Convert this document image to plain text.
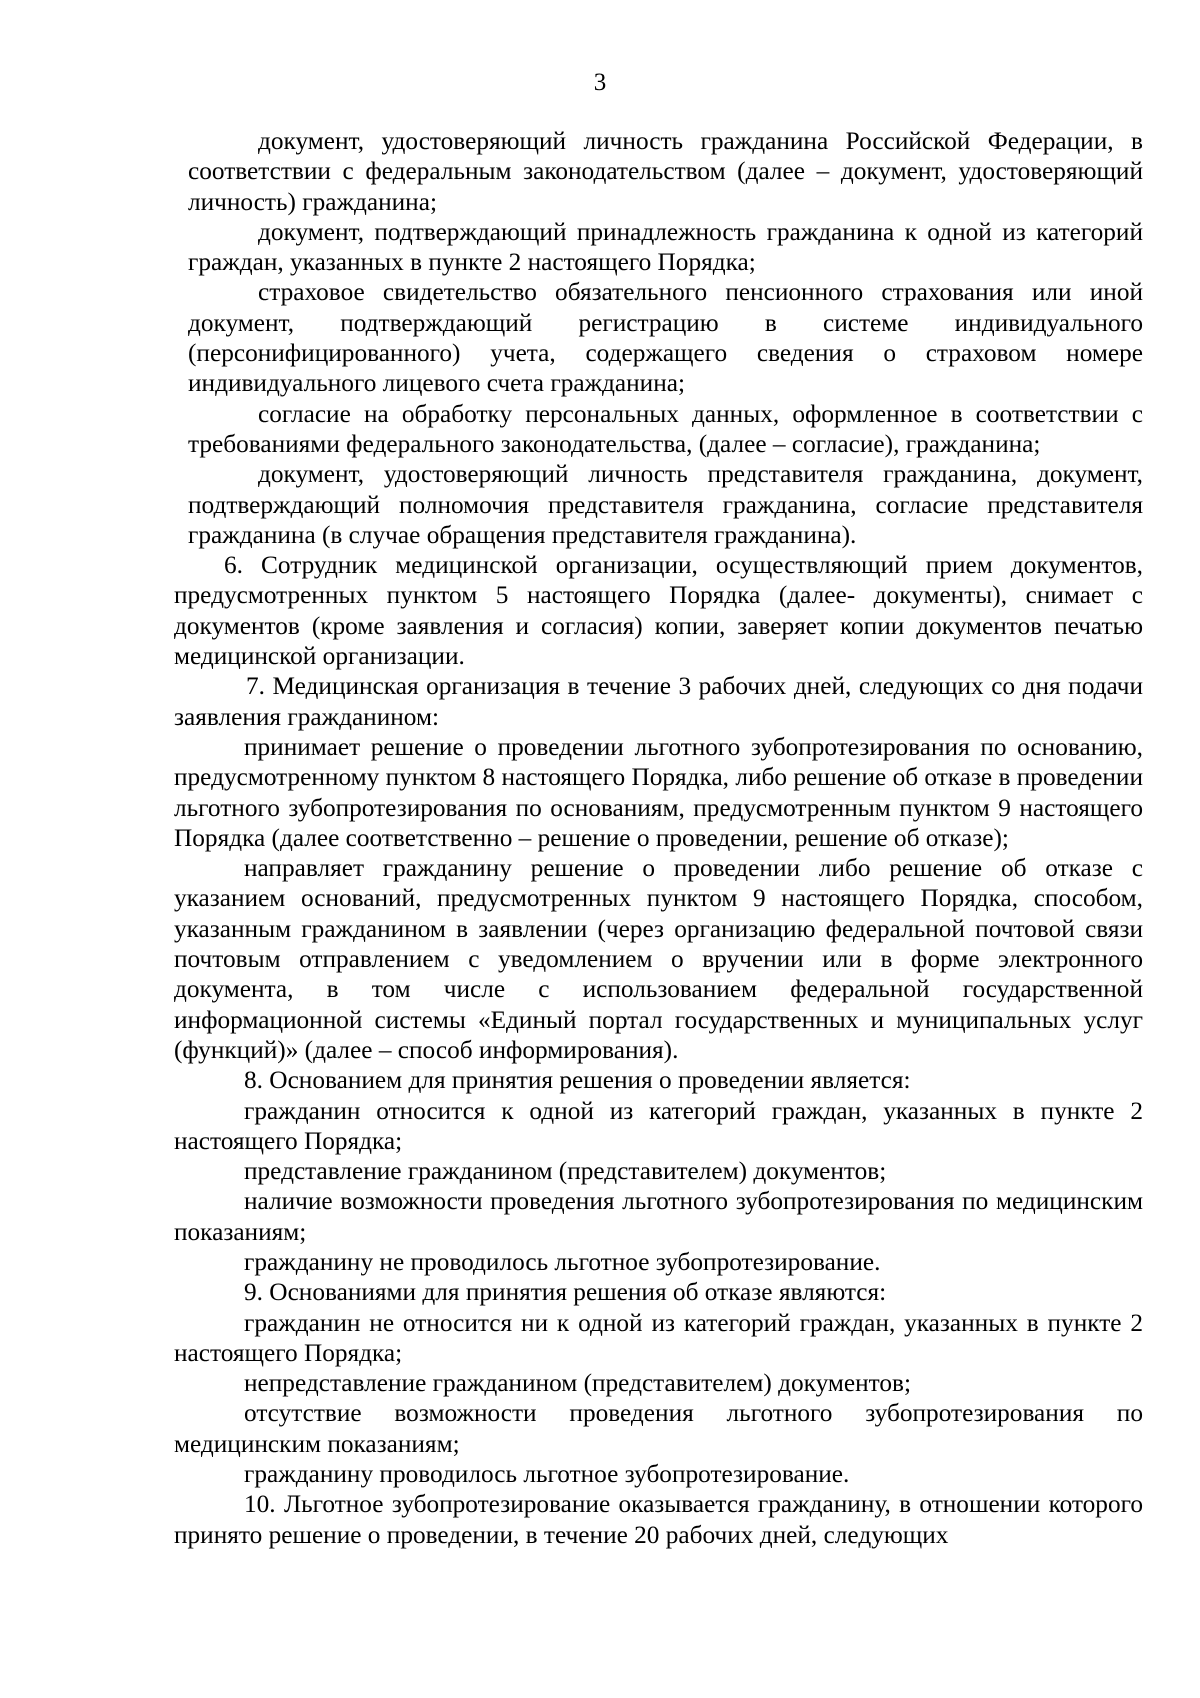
3

документ, удостоверяющий личность гражданина Российской Федерации, в соответствии с федеральным законодательством (далее – документ, удостоверяющий личность) гражданина;

документ, подтверждающий принадлежность гражданина к одной из категорий граждан, указанных в пункте 2 настоящего Порядка;

страховое свидетельство обязательного пенсионного страхования или иной документ, подтверждающий регистрацию в системе индивидуального (персонифицированного) учета, содержащего сведения о страховом номере индивидуального лицевого счета гражданина;

согласие на обработку персональных данных, оформленное в соответствии с требованиями федерального законодательства, (далее – согласие), гражданина;

документ, удостоверяющий личность представителя гражданина, документ, подтверждающий полномочия представителя гражданина, согласие представителя гражданина (в случае обращения представителя гражданина).

6. Сотрудник медицинской организации, осуществляющий прием документов, предусмотренных пунктом 5 настоящего Порядка (далее- документы), снимает с документов (кроме заявления и согласия) копии, заверяет копии документов печатью медицинской организации.

7. Медицинская организация в течение 3 рабочих дней, следующих со дня подачи заявления гражданином:

принимает решение о проведении льготного зубопротезирования по основанию, предусмотренному пунктом 8 настоящего Порядка, либо решение об отказе в проведении льготного зубопротезирования по основаниям, предусмотренным пунктом 9 настоящего Порядка (далее соответственно – решение о проведении, решение об отказе);

направляет гражданину решение о проведении либо решение об отказе с указанием оснований, предусмотренных пунктом 9 настоящего Порядка, способом, указанным гражданином в заявлении (через организацию федеральной почтовой связи почтовым отправлением с уведомлением о вручении или в форме электронного документа, в том числе с использованием федеральной государственной информационной системы «Единый портал государственных и муниципальных услуг (функций)» (далее – способ информирования).

8. Основанием для принятия решения о проведении является:

гражданин относится к одной из категорий граждан, указанных в пункте 2 настоящего Порядка;

представление гражданином (представителем) документов;

наличие возможности проведения льготного зубопротезирования по медицинским показаниям;

гражданину не проводилось льготное зубопротезирование.

9. Основаниями для принятия решения об отказе являются:

гражданин не относится ни к одной из категорий граждан, указанных в пункте 2 настоящего Порядка;

непредставление гражданином (представителем) документов;

отсутствие возможности проведения льготного зубопротезирования по медицинским показаниям;

гражданину проводилось льготное зубопротезирование.

10. Льготное зубопротезирование оказывается гражданину, в отношении которого принято решение о проведении, в течение 20 рабочих дней, следующих
